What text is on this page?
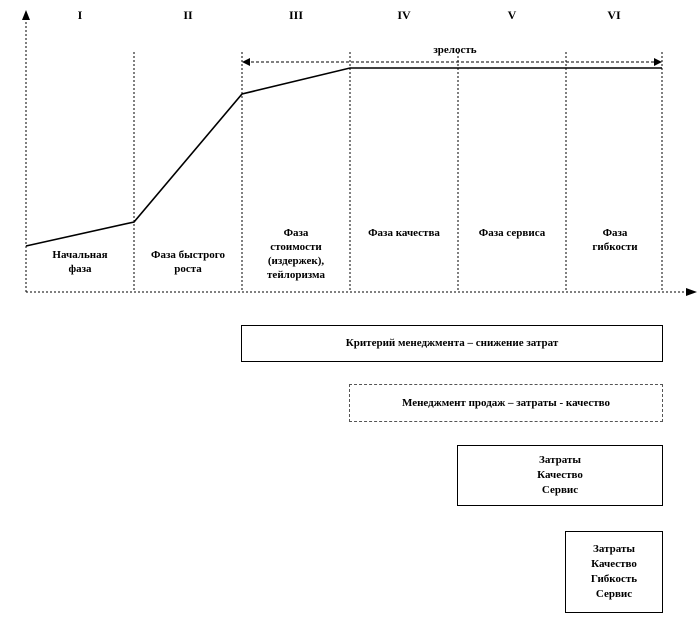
I	II	III	IV	V	VI
зрелость
Начальная
фаза
Фаза быстрого
роста
Фаза
стоимости
(издержек),
тейлоризма
Фаза качества	Фаза сервиса	Фаза
гибкости
Критерий менеджмента – снижение затрат
Менеджмент продаж – затраты - качество
Затраты
Качество
Сервис
Затраты
Качество
Гибкость
Сервис
